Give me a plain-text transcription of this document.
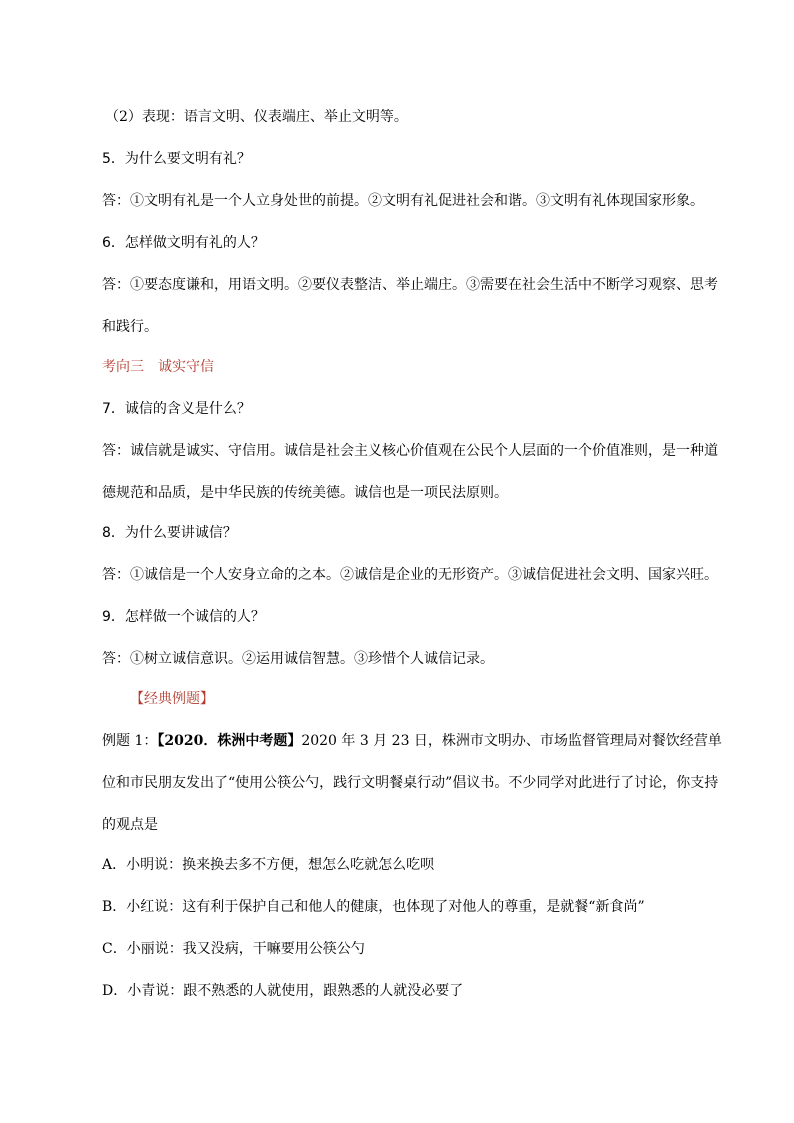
（2）表现：语言文明、仪表端庄、举止文明等。
5．为什么要文明有礼？
答：①文明有礼是一个人立身处世的前提。②文明有礼促进社会和谐。③文明有礼体现国家形象。
6．怎样做文明有礼的人？
答：①要态度谦和，用语文明。②要仪表整洁、举止端庄。③需要在社会生活中不断学习观察、思考和践行。
考向三　诚实守信
7．诚信的含义是什么？
答：诚信就是诚实、守信用。诚信是社会主义核心价值观在公民个人层面的一个价值准则，是一种道德规范和品质，是中华民族的传统美德。诚信也是一项民法原则。
8．为什么要讲诚信？
答：①诚信是一个人安身立命的之本。②诚信是企业的无形资产。③诚信促进社会文明、国家兴旺。
9．怎样做一个诚信的人？
答：①树立诚信意识。②运用诚信智慧。③珍惜个人诚信记录。
【经典例题】
例题 1：【2020．株洲中考题】2020 年 3 月 23 日，株洲市文明办、市场监督管理局对餐饮经营单位和市民朋友发出了“使用公筷公勺，践行文明餐桌行动”倡议书。不少同学对此进行了讨论，你支持的观点是
A．小明说：换来换去多不方便，想怎么吃就怎么吃呗
B．小红说：这有利于保护自己和他人的健康，也体现了对他人的尊重，是就餐“新食尚”
C．小丽说：我又没病，干嘛要用公筷公勺
D．小青说：跟不熟悉的人就使用，跟熟悉的人就没必要了
